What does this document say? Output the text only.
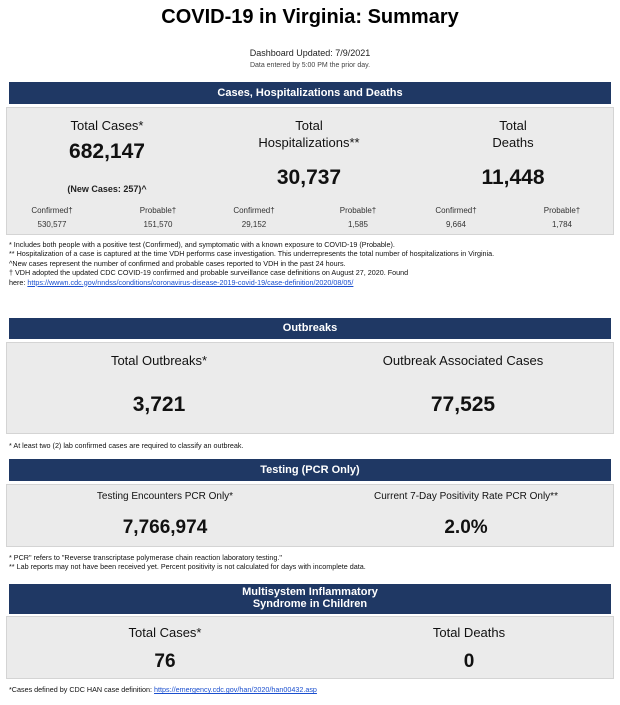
COVID-19 in Virginia: Summary
Dashboard Updated: 7/9/2021
Data entered by 5:00 PM the prior day.
Cases, Hospitalizations and Deaths
Total Cases*
682,147
(New Cases: 257)^
Confirmed†
530,577
Probable†
151,570
Total
Hospitalizations**
30,737
Confirmed†
29,152
Probable†
1,585
Total
Deaths
11,448
Confirmed†
9,664
Probable†
1,784
* Includes both people with a positive test (Confirmed), and symptomatic with a known exposure to COVID-19 (Probable).
** Hospitalization of a case is captured at the time VDH performs case investigation. This underrepresents the total number of hospitalizations in Virginia.
^New cases represent the number of confirmed and probable cases reported to VDH in the past 24 hours.
† VDH adopted the updated CDC COVID-19 confirmed and probable surveillance case definitions on August 27, 2020. Found
here: https://wwwn.cdc.gov/nndss/conditions/coronavirus-disease-2019-covid-19/case-definition/2020/08/05/
Outbreaks
Total Outbreaks*
3,721
Outbreak Associated Cases
77,525
* At least two (2) lab confirmed cases are required to classify an outbreak.
Testing (PCR Only)
Testing Encounters PCR Only*
7,766,974
Current 7-Day Positivity Rate PCR Only**
2.0%
* PCR" refers to "Reverse transcriptase polymerase chain reaction laboratory testing."
** Lab reports may not have been received yet. Percent positivity is not calculated for days with incomplete data.
Multisystem Inflammatory
Syndrome in Children
Total Cases*
76
Total Deaths
0
*Cases defined by CDC HAN case definition: https://emergency.cdc.gov/han/2020/han00432.asp
